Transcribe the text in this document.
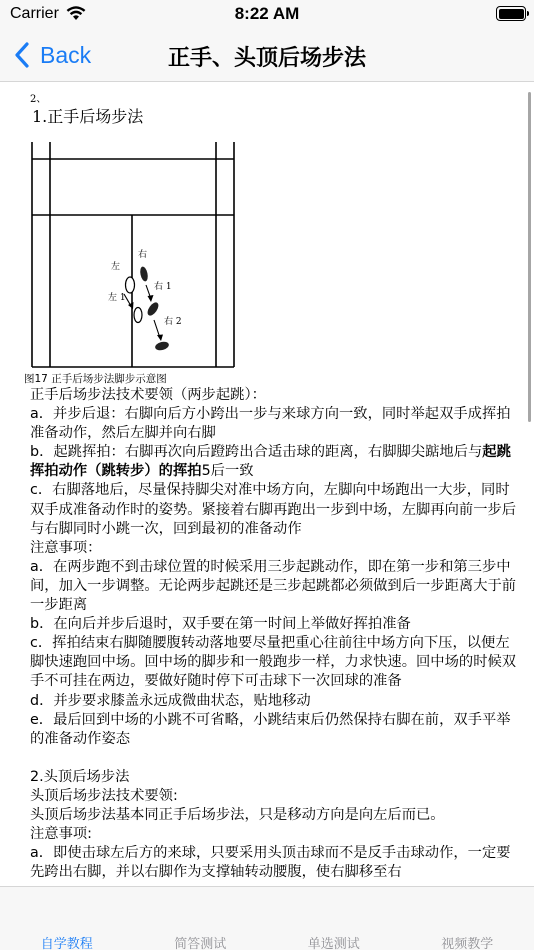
Carrier	8:22 AM
Back	正手、头顶后场步法
2、
1.正手后场步法
左
左 1
右
右 1
右 2
图17 正手后场步法脚步示意图

正手后场步法技术要领（两步起跳）：

a．并步后退：右脚向后方小跨出一步与来球方向一致，同时举起双手成挥拍准备动作，然后左脚并向右脚

b．起跳挥拍：右脚再次向后蹬跨出合适击球的距离，右脚脚尖踮地后与起跳挥拍动作（跳转步）的挥拍5后一致

c．右脚落地后，尽量保持脚尖对准中场方向，左脚向中场跑出一大步，同时双手成准备动作时的姿势。紧接着右脚再跑出一步到中场，左脚再向前一步后与右脚同时小跳一次，回到最初的准备动作

注意事项：

a．在两步跑不到击球位置的时候采用三步起跳动作，即在第一步和第三步中间，加入一步调整。无论两步起跳还是三步起跳都必须做到后一步距离大于前一步距离

b．在向后并步后退时，双手要在第一时间上举做好挥拍准备

c．挥拍结束右脚随腰腹转动落地要尽量把重心往前往中场方向下压，以便左脚快速跑回中场。回中场的脚步和一般跑步一样，力求快速。回中场的时候双手不可挂在两边，要做好随时停下可击球下一次回球的准备

d．并步要求膝盖永远成微曲状态，贴地移动

e．最后回到中场的小跳不可省略，小跳结束后仍然保持右脚在前，双手平举的准备动作姿态

2.头顶后场步法

头顶后场步法技术要领:

头顶后场步法基本同正手后场步法，只是移动方向是向左后而已。

注意事项:

a．即使击球左后方的来球，只要采用头顶击球而不是反手击球动作，一定要先跨出右脚，并以右脚作为支撑轴转动腰腹，使右脚移至右

自学教程	简答测试	单选测试	视频教学
